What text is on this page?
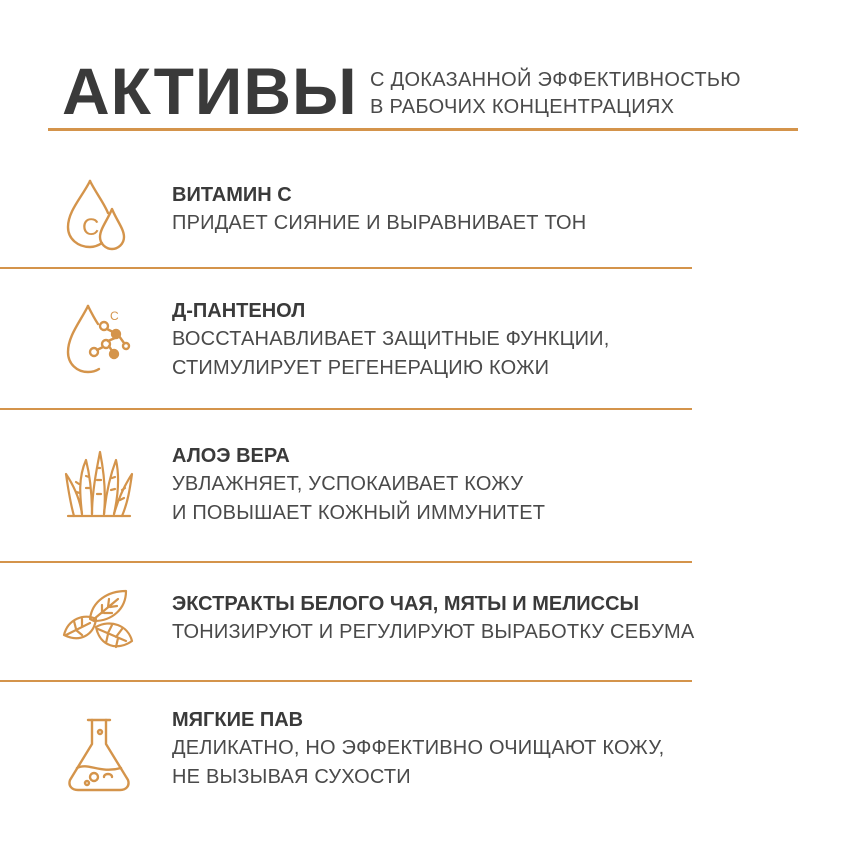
АКТИВЫ С ДОКАЗАННОЙ ЭФФЕКТИВНОСТЬЮ
В РАБОЧИХ КОНЦЕНТРАЦИЯХ
C
ВИТАМИН С
ПРИДАЕТ СИЯНИЕ И ВЫРАВНИВАЕТ ТОН
C	Д-ПАНТЕНОЛ
ВОССТАНАВЛИВАЕТ ЗАЩИТНЫЕ ФУНКЦИИ,
СТИМУЛИРУЕТ РЕГЕНЕРАЦИЮ КОЖИ
АЛОЭ ВЕРА
УВЛАЖНЯЕТ, УСПОКАИВАЕТ КОЖУ
И ПОВЫШАЕТ КОЖНЫЙ ИММУНИТЕТ
ЭКСТРАКТЫ БЕЛОГО ЧАЯ, МЯТЫ И МЕЛИССЫ
ТОНИЗИРУЮТ И РЕГУЛИРУЮТ ВЫРАБОТКУ СЕБУМА
МЯГКИЕ ПАВ
ДЕЛИКАТНО, НО ЭФФЕКТИВНО ОЧИЩАЮТ КОЖУ,
НЕ ВЫЗЫВАЯ СУХОСТИ
